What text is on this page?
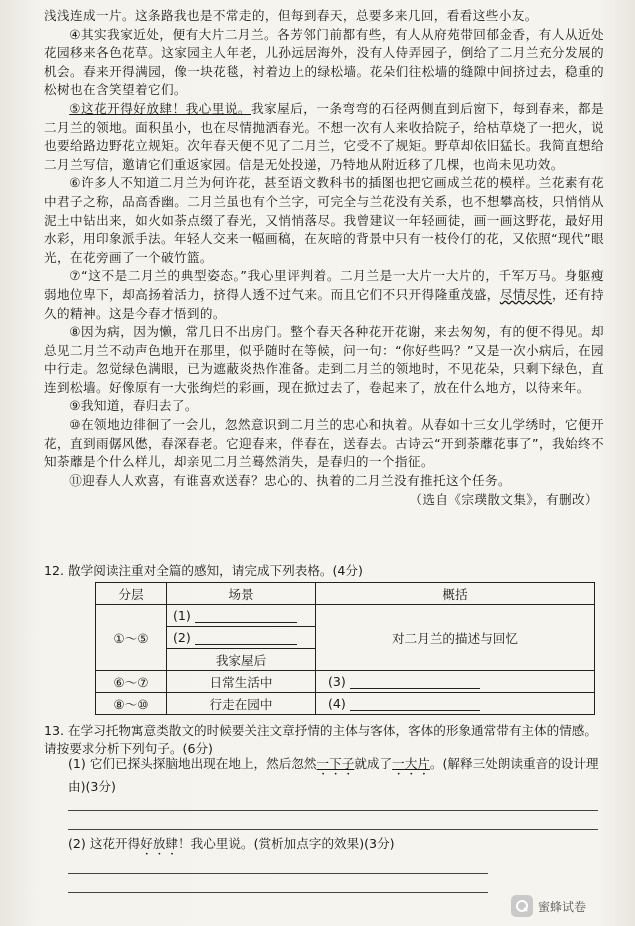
浅浅连成一片。这条路我也是不常走的，但每到春天，总要多来几回，看看这些小友。

④其实我家近处，便有大片二月兰。各芳邻门前都有些，有人从府苑带回郁金香，有人从近处花园移来各色花草。这家园主人年老，儿孙远居海外，没有人侍弄园子，倒给了二月兰充分发展的机会。春来开得满园，像一块花毯，衬着边上的绿松墙。花朵们往松墙的缝隙中间挤过去，稳重的松树也在含笑望着它们。

⑤这花开得好放肆！我心里说。我家屋后，一条弯弯的石径两侧直到后窗下，每到春来，都是二月兰的领地。面积虽小，也在尽情抛洒春光。不想一次有人来收拾院子，给枯草烧了一把火，说也要给路边野花立规矩。次年春天便不见了二月兰，它受不了规矩。野草却依旧猛长。我简直想给二月兰写信，邀请它们重返家园。信是无处投递，乃特地从附近移了几棵，也尚未见功效。

⑥许多人不知道二月兰为何许花，甚至语文教科书的插图也把它画成兰花的模样。兰花素有花中君子之称，品高香幽。二月兰虽也有个兰字，可完全与兰花没有关系，也不想攀高枝，只悄悄从泥土中钻出来，如火如荼点缀了春光，又悄悄落尽。我曾建议一年轻画徒，画一画这野花，最好用水彩，用印象派手法。年轻人交来一幅画稿，在灰暗的背景中只有一枝伶仃的花，又依照“现代”眼光，在花旁画了一个破竹篮。

⑦“这不是二月兰的典型姿态。”我心里评判着。二月兰是一大片一大片的，千军万马。身躯瘦弱地位卑下，却高扬着活力，挤得人透不过气来。而且它们不只开得隆重茂盛，尽情尽性，还有持久的精神。这是今春才悟到的。

⑧因为病，因为懒，常几日不出房门。整个春天各种花开花谢，来去匆匆，有的便不得见。却总见二月兰不动声色地开在那里，似乎随时在等候，问一句：“你好些吗？”又是一次小病后，在园中行走。忽觉绿色满眼，已为遮蔽炎热作准备。走到二月兰的领地时，不见花朵，只剩下绿色，直连到松墙。好像原有一大张绚烂的彩画，现在掀过去了，卷起来了，放在什么地方，以待来年。

⑨我知道，春归去了。

⑩在领地边徘徊了一会儿，忽然意识到二月兰的忠心和执着。从春如十三女儿学绣时，它便开花，直到雨僝风僽，春深春老。它迎春来，伴春在，送春去。古诗云“开到荼蘼花事了”，我始终不知荼蘼是个什么样儿，却亲见二月兰蓦然消失，是春归的一个指征。

⑪迎春人人欢喜，有谁喜欢送春？忠心的、执着的二月兰没有推托这个任务。

（选自《宗璞散文集》，有删改）
12. 散学阅读注重对全篇的感知，请完成下列表格。(4分)
分层	场景	概括
①～⑤	(1)	对二月兰的描述与回忆
	(2)	
	我家屋后	
⑥～⑦	日常生活中	(3)
⑧～⑩	行走在园中	(4)
13. 在学习托物寓意类散文的时候要关注文章抒情的主体与客体，客体的形象通常带有主体的情感。请按要求分析下列句子。(6分)
(1) 它们已探头探脑地出现在地上，然后忽然一下子就成了一大片。(解释三处朗读重音的设计理由)(3分)
(2) 这花开得好放肆！我心里说。(赏析加点字的效果)(3分)
蜜蜂试卷
